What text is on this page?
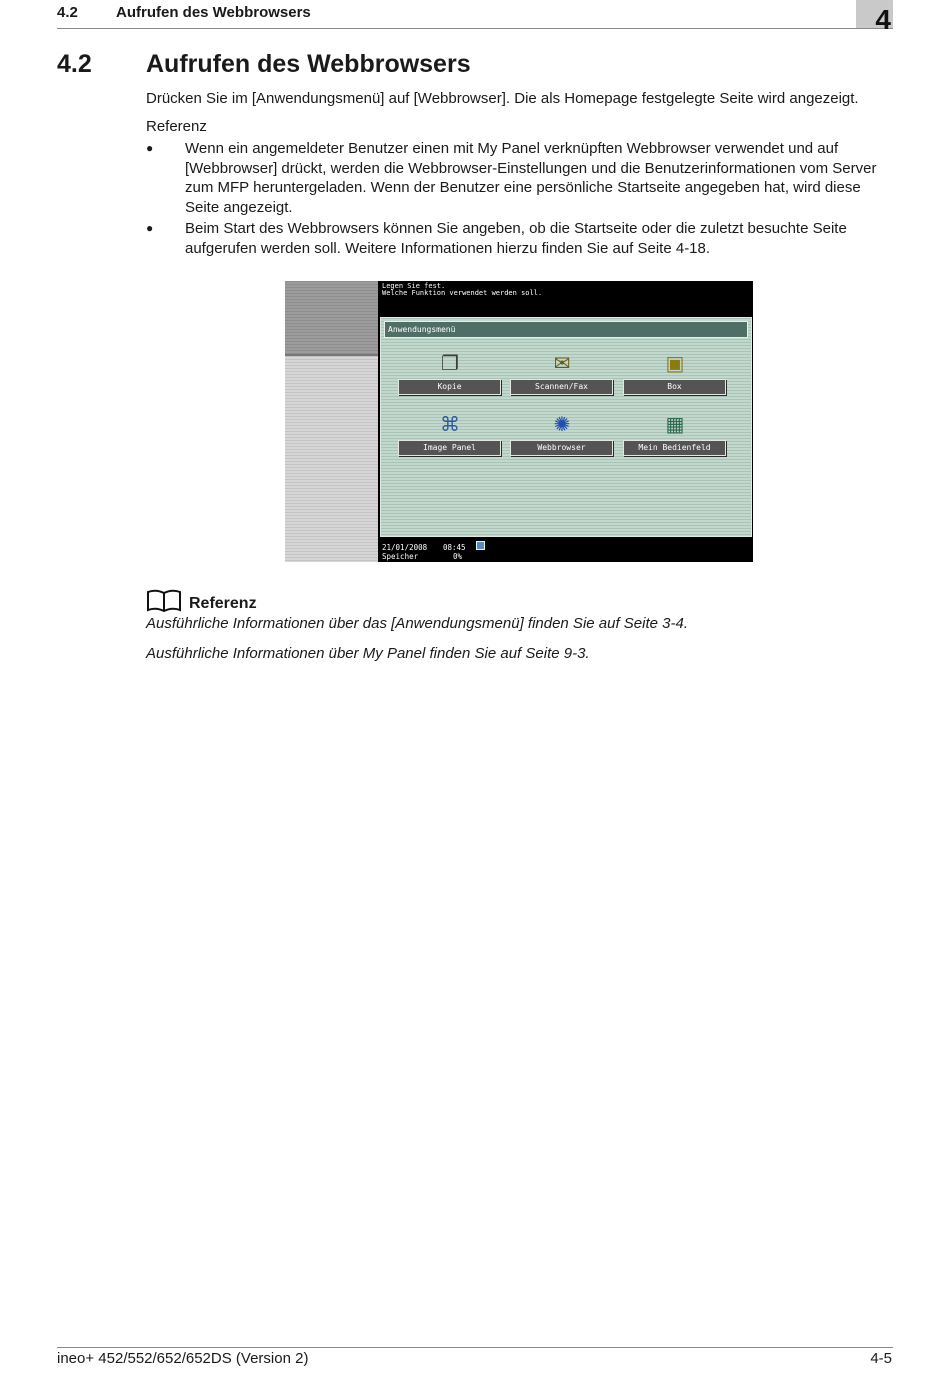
4.2	Aufrufen des Webbrowsers	4
4.2 Aufrufen des Webbrowsers
Drücken Sie im [Anwendungsmenü] auf [Webbrowser]. Die als Homepage festgelegte Seite wird angezeigt.
Referenz
● Wenn ein angemeldeter Benutzer einen mit My Panel verknüpften Webbrowser verwendet und auf [Webbrowser] drückt, werden die Webbrowser-Einstellungen und die Benutzerinformationen vom Server zum MFP heruntergeladen. Wenn der Benutzer eine persönliche Startseite angegeben hat, wird diese Seite angezeigt.
● Beim Start des Webbrowsers können Sie angeben, ob die Startseite oder die zuletzt besuchte Seite aufgerufen werden soll. Weitere Informationen hierzu finden Sie auf Seite 4-18.
Legen Sie fest.
Welche Funktion verwendet werden soll.
Anwendungsmenü
❐
Kopie
✉
Scannen/Fax
▣
Box
⌘
Image Panel
✺
Webbrowser
▦
Mein Bedienfeld
21/01/2008
Speicher
08:45
0%
Referenz
Ausführliche Informationen über das [Anwendungsmenü] finden Sie auf Seite 3-4.
Ausführliche Informationen über My Panel finden Sie auf Seite 9-3.
ineo+ 452/552/652/652DS (Version 2)	4-5
